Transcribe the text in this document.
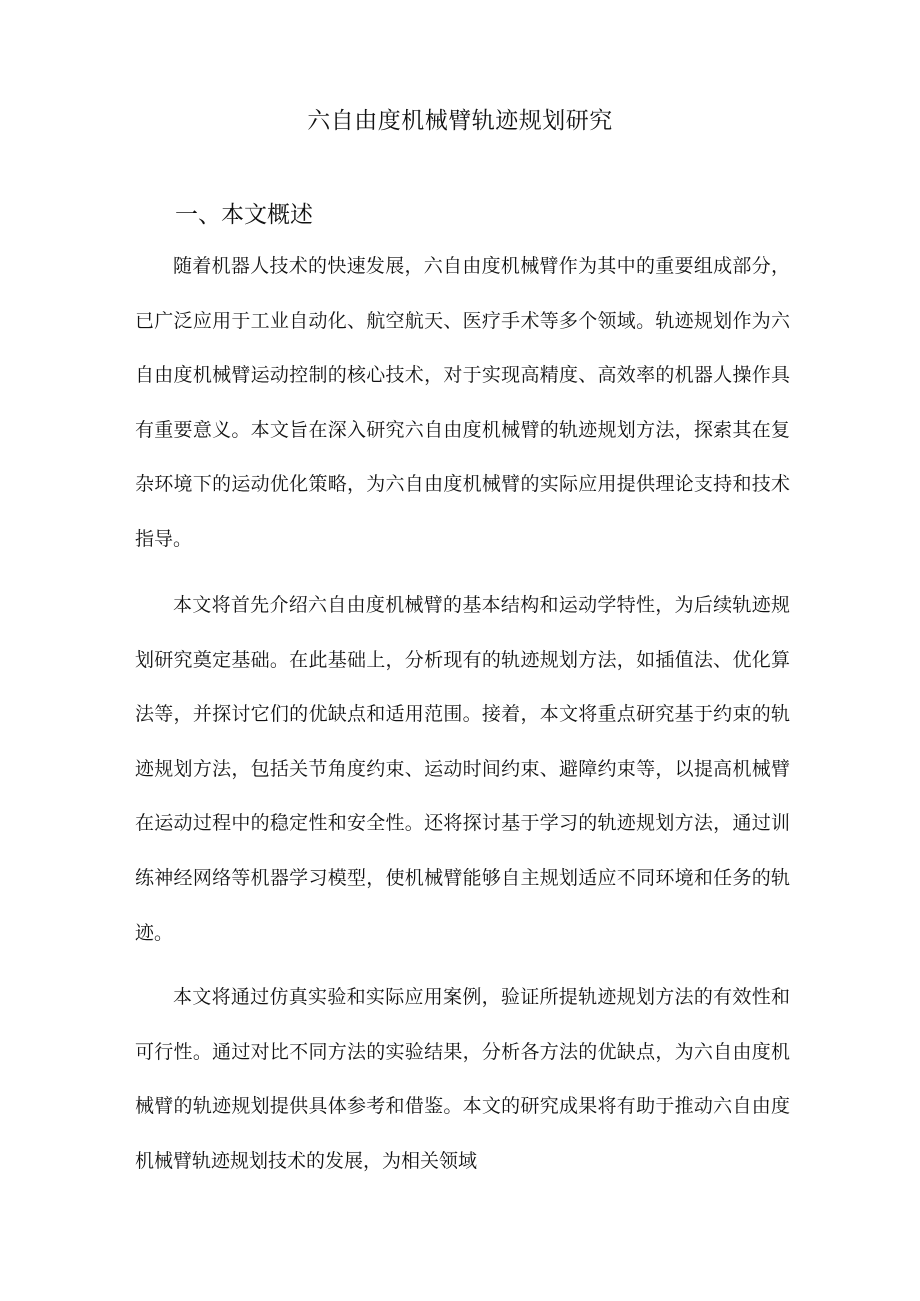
六自由度机械臂轨迹规划研究
一、本文概述

随着机器人技术的快速发展，六自由度机械臂作为其中的重要组成部分，已广泛应用于工业自动化、航空航天、医疗手术等多个领域。轨迹规划作为六自由度机械臂运动控制的核心技术，对于实现高精度、高效率的机器人操作具有重要意义。本文旨在深入研究六自由度机械臂的轨迹规划方法，探索其在复杂环境下的运动优化策略，为六自由度机械臂的实际应用提供理论支持和技术指导。

本文将首先介绍六自由度机械臂的基本结构和运动学特性，为后续轨迹规划研究奠定基础。在此基础上，分析现有的轨迹规划方法，如插值法、优化算法等，并探讨它们的优缺点和适用范围。接着，本文将重点研究基于约束的轨迹规划方法，包括关节角度约束、运动时间约束、避障约束等，以提高机械臂在运动过程中的稳定性和安全性。还将探讨基于学习的轨迹规划方法，通过训练神经网络等机器学习模型，使机械臂能够自主规划适应不同环境和任务的轨迹。

本文将通过仿真实验和实际应用案例，验证所提轨迹规划方法的有效性和可行性。通过对比不同方法的实验结果，分析各方法的优缺点，为六自由度机械臂的轨迹规划提供具体参考和借鉴。本文的研究成果将有助于推动六自由度机械臂轨迹规划技术的发展，为相关领域
